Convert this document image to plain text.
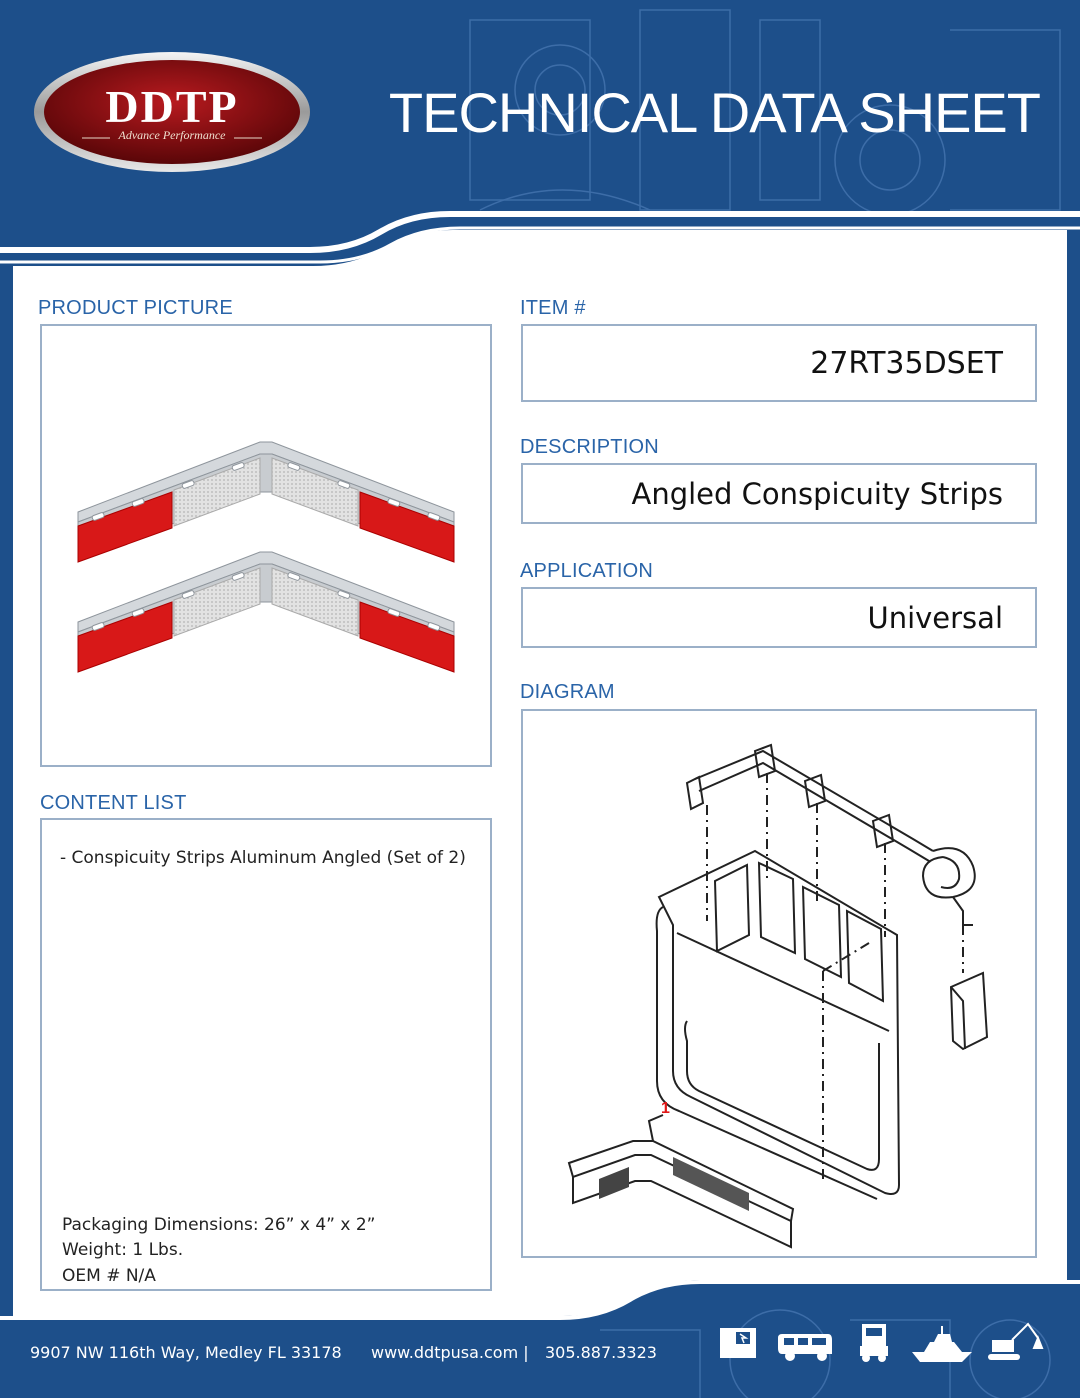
DDTP
Advance Performance	TECHNICAL DATA SHEET
PRODUCT PICTURE	ITEM #
27RT35DSET
DESCRIPTION
Angled Conspicuity Strips
APPLICATION
Universal
DIAGRAM
1
CONTENT LIST
- Conspicuity Strips Aluminum Angled (Set of 2)
Packaging Dimensions: 26” x 4” x 2”
Weight: 1 Lbs.
OEM # N/A
9907 NW 116th Way, Medley FL 33178 www.ddtpusa.com | 305.887.3323
